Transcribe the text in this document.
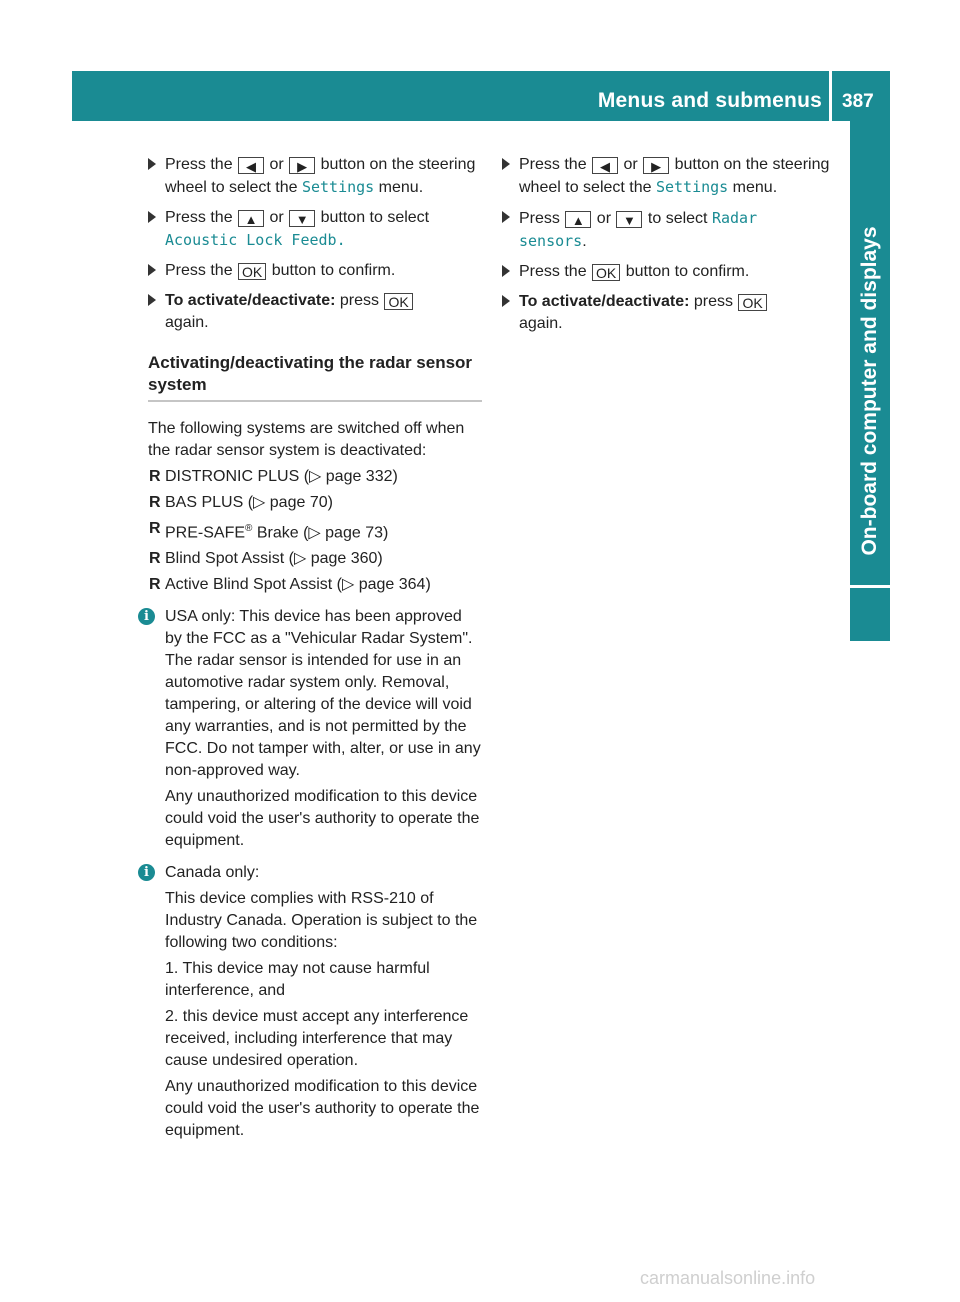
Menus and submenus 387
On-board computer and displays
Press the ◀ or ▶ button on the steering wheel to select the Settings menu.
Press the ▲ or ▼ button to select Acoustic Lock Feedb.
Press the OK button to confirm.
To activate/deactivate: press OK
again.
Activating/deactivating the radar sensor system

The following systems are switched off when the radar sensor system is deactivated:

R DISTRONIC PLUS (▷ page 332)
R BAS PLUS (▷ page 70)
R PRE-SAFE® Brake (▷ page 73)
R Blind Spot Assist (▷ page 360)
R Active Blind Spot Assist (▷ page 364)
i	USA only: This device has been approved by the FCC as a "Vehicular Radar System". The radar sensor is intended for use in an automotive radar system only. Removal, tampering, or altering of the device will void any warranties, and is not permitted by the FCC. Do not tamper with, alter, or use in any non-approved way.

Any unauthorized modification to this device could void the user's authority to operate the equipment.

i	Canada only:

This device complies with RSS-210 of Industry Canada. Operation is subject to the following two conditions:

1. This device may not cause harmful interference, and

2. this device must accept any interference received, including interference that may cause undesired operation.

Any unauthorized modification to this device could void the user's authority to operate the equipment.

Press the ◀ or ▶ button on the steering wheel to select the Settings menu.
Press ▲ or ▼ to select Radar sensors.
Press the OK button to confirm.
To activate/deactivate: press OK
again.
carmanualsonline.info
